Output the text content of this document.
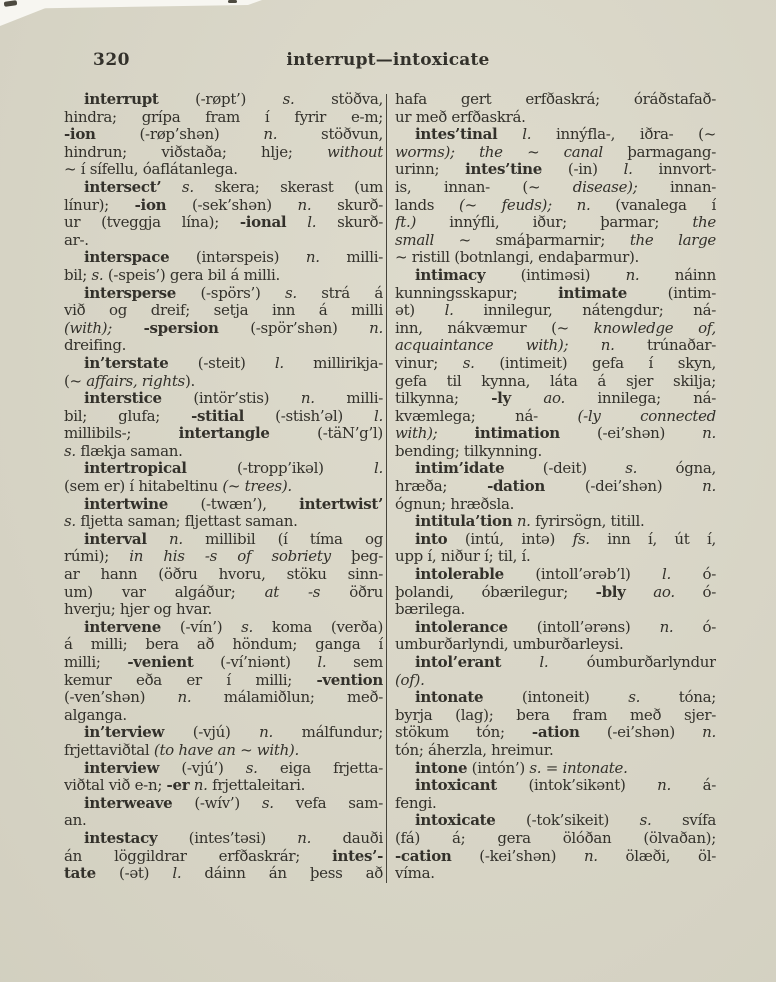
320	interrupt—intoxicate
interrupt (-røpt’) s. stöðva,
hindra; grípa fram í fyrir e-m;
-ion (-røp’shən) n. stöðvun,
hindrun; viðstaða; hlje; without
~ í sífellu, óaflátanlega.
intersect’ s. skera; skerast (um
línur); -ion (-sek’shən) n. skurð-
ur (tveggja lína); -ional l. skurð-
ar-.
interspace (intərspeis) n. milli-
bil; s. (-speis’) gera bil á milli.
intersperse (-spörs’) s. strá á
við og dreif; setja inn á milli
(with); -spersion (-spör’shən) n.
dreifing.
in’terstate (-steit) l. millirikja-
(~ affairs, rights).
interstice (intör’stis) n. milli-
bil; glufa; -stitial (-stish’əl) l.
millibils-; intertangle (-täN’g’l)
s. flækja saman.
intertropical (-tropp’ikəl) l.
(sem er) í hitabeltinu (~ trees).
intertwine (-twæn’), intertwist’
s. fljetta saman; fljettast saman.
interval n. millibil (í tíma og
rúmi); in his -s of sobriety þeg-
ar hann (öðru hvoru, stöku sinn-
um) var algáður; at -s öðru
hverju; hjer og hvar.
intervene (-vín’) s. koma (verða)
á milli; bera að höndum; ganga í
milli; -venient (-ví’niənt) l. sem
kemur eða er í milli; -vention
(-ven’shən) n. málamiðlun; með-
alganga.
in’terview (-vjú) n. málfundur;
frjettaviðtal (to have an ~ with).
interview (-vjú’) s. eiga frjetta-
viðtal við e-n; -er n. frjettaleitari.
interweave (-wív’) s. vefa sam-
an.
intestacy (intes’təsi) n. dauði
án löggildrar erfðaskrár; intes’-
tate (-ət) l. dáinn án þess að
hafa gert erfðaskrá; óráðstafað-
ur með erfðaskrá.
intes’tinal l. innýfla-, iðra- (~
worms); the ~ canal þarmagang-
urinn; intes’tine (-in) l. innvort-
is, innan- (~ disease); innan-
lands (~ feuds); n. (vanalega í
ft.) innýfli, iður; þarmar; the
small ~ smáþarmarnir; the large
~ ristill (botnlangi, endaþarmur).
intimacy (intiməsi) n. náinn
kunningsskapur; intimate (intim-
ət) l. innilegur, nátengdur; ná-
inn, nákvæmur (~ knowledge of,
acquaintance with); n. trúnaðar-
vinur; s. (intimeit) gefa í skyn,
gefa til kynna, láta á sjer skilja;
tilkynna; -ly ao. innilega; ná-
kvæmlega; ná- (-ly connected
with); intimation (-ei’shən) n.
bending; tilkynning.
intim’idate (-deit) s. ógna,
hræða; -dation (-dei’shən) n.
ógnun; hræðsla.
intitula’tion n. fyrirsögn, titill.
into (intú, intə) fs. inn í, út í,
upp í, niður í; til, í.
intolerable (intoll’ərəb’l) l. ó-
þolandi, óbærilegur; -bly ao. ó-
bærilega.
intolerance (intoll’ərəns) n. ó-
umburðarlyndi, umburðarleysi.
intol’erant	l. óumburðarlyndur
(of).
intonate (intoneit) s. tóna;
byrja (lag); bera fram með sjer-
stökum tón; -ation (-ei’shən) n.
tón; áherzla, hreimur.
intone (intón’) s. = intonate.
intoxicant (intok’sikənt) n. á-
fengi.
intoxicate (-tok’sikeit) s. svífa
(fá) á; gera ölóðan (ölvaðan);
-cation (-kei’shən) n. ölæði, öl-
víma.
